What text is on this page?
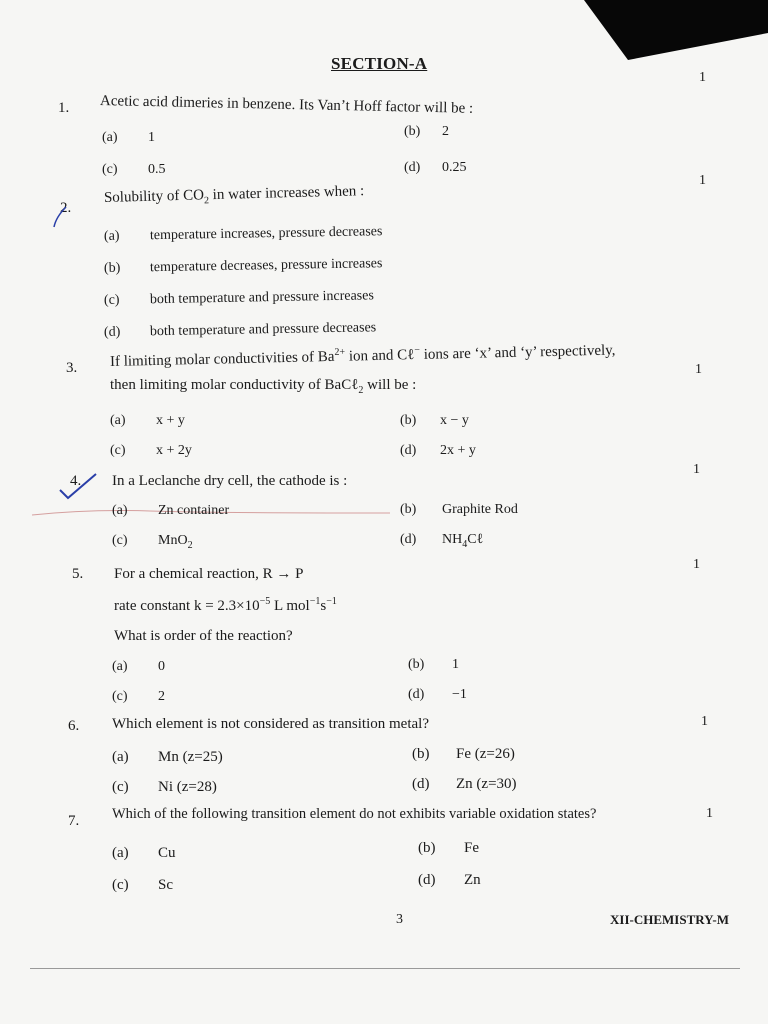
SECTION-A
1. Acetic acid dimeries in benzene. Its Van’t Hoff factor will be :
1
(a) 1	(b) 2
(c) 0.5	(d) 0.25
2.
Solubility of $CO_2$ in water increases when :
1
(a) temperature increases, pressure decreases
(b) temperature decreases, pressure increases
(c) both temperature and pressure increases
(d) both temperature and pressure decreases
3. If limiting molar conductivities of $Ba^{2+}$ ion and Cℓ− ions are ‘x’ and ‘y’ respectively,
then limiting molar conductivity of BaCℓ$_2$ will be :
1
(a) x + y	(b) x − y
(c) x + 2y	(d) 2x + y
4. In a Leclanche dry cell, the cathode is :
1
(a) Zn container	(b) Graphite Rod
(c) MnO$_2$	(d) $NH_4C\ell$
5. For a chemical reaction, R → P
1
rate constant $k = 2.3\times 10^{-5}$ L $mol^{-1}s^{-1}$
What is order of the reaction?
(a) 0	(b) 1
(c) 2	(d) −1
6. Which element is not considered as transition metal?	1
(a) Mn (z=25)	(b) Fe (z=26)
(c) Ni (z=28)	(d) Zn (z=30)
7. Which of the following transition element do not exhibits variable oxidation states?	1
(a) Cu	(b) Fe
(c) Sc	(d) Zn
3	XII-CHEMISTRY-M
